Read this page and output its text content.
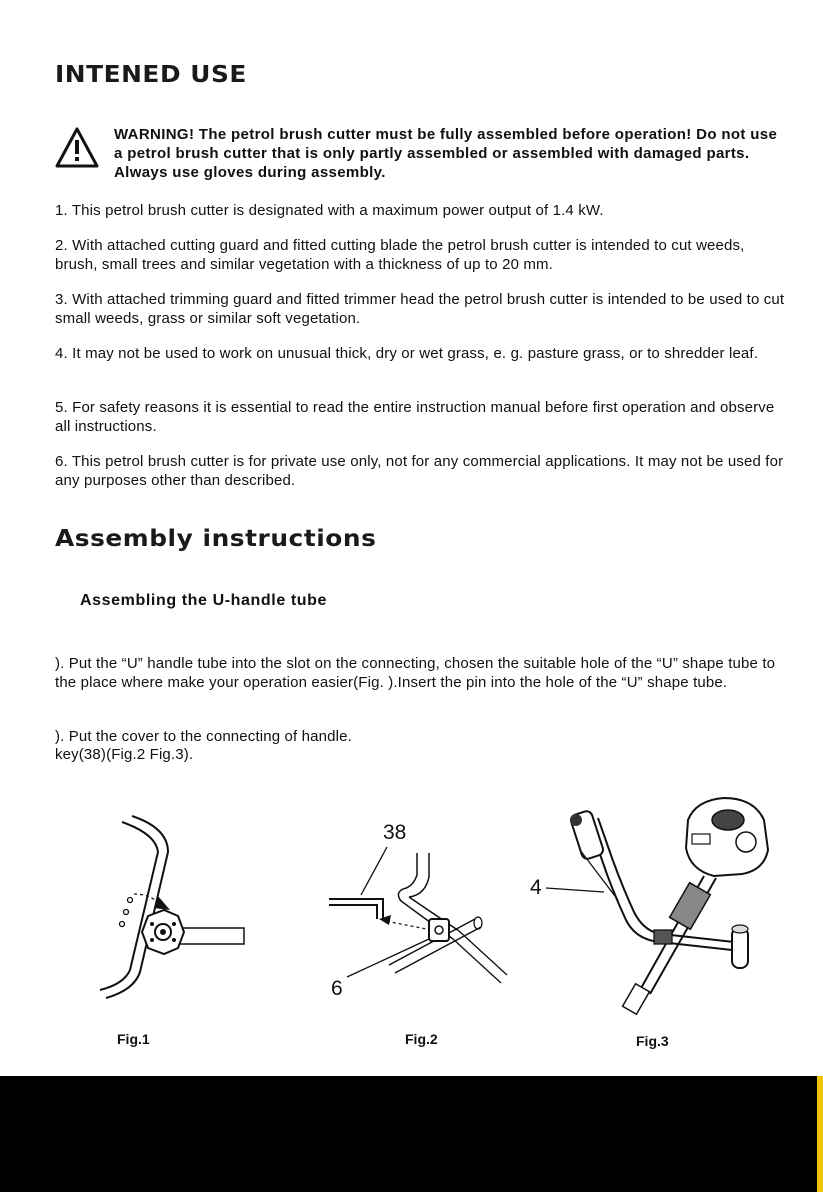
INTENED USE
WARNING! The petrol brush cutter must be fully assembled before operation! Do not use a petrol brush cutter that is only partly assembled or assembled with damaged parts. Always use gloves during assembly.
1. This petrol brush cutter is designated with a maximum power output of 1.4 kW.
2. With attached cutting guard and fitted cutting blade the petrol brush cutter is intended to cut weeds, brush, small trees and similar vegetation with a thickness of up to 20 mm.
3. With attached trimming guard and fitted trimmer head the petrol brush cutter is intended to be used to cut small weeds, grass or similar soft vegetation.
4. It may not be used to work on unusual thick, dry or wet grass, e. g. pasture grass, or to shredder leaf.
5. For safety reasons it is essential to read the entire instruction manual before first operation and observe all instructions.
6. This petrol brush cutter is for private use only, not for any commercial applications. It may not be used for any purposes other than described.
Assembly instructions
Assembling the U-handle tube
). Put the “U” handle tube into the slot on the connecting, chosen the suitable hole of the “U” shape tube to the place where make your operation easier(Fig. ).Insert the pin into the hole of the “U” shape tube.
). Put the cover to the connecting of handle.
key(38)(Fig.2 Fig.3).
38
6
4
Fig.1	Fig.2	Fig.3
